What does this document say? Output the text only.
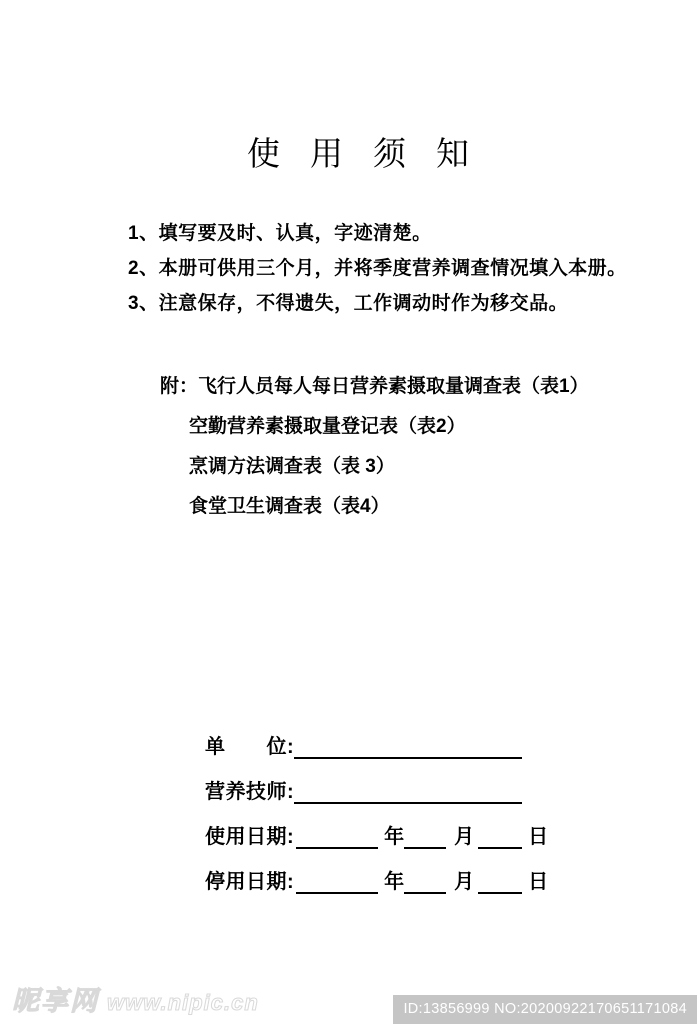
使用须知
1、填写要及时、认真，字迹清楚。
2、本册可供用三个月，并将季度营养调查情况填入本册。
3、注意保存，不得遗失，工作调动时作为移交品。
附： 飞行人员每人每日营养素摄取量调查表（表1）
空勤营养素摄取量登记表（表2）
烹调方法调查表（表 3）
食堂卫生调查表（表4）
单　　位:
营养技师:
使用日期:	年	月	日
停用日期:	年	月	日
昵享网 www.nipic.cn	ID:13856999 NO:20200922170651171084
